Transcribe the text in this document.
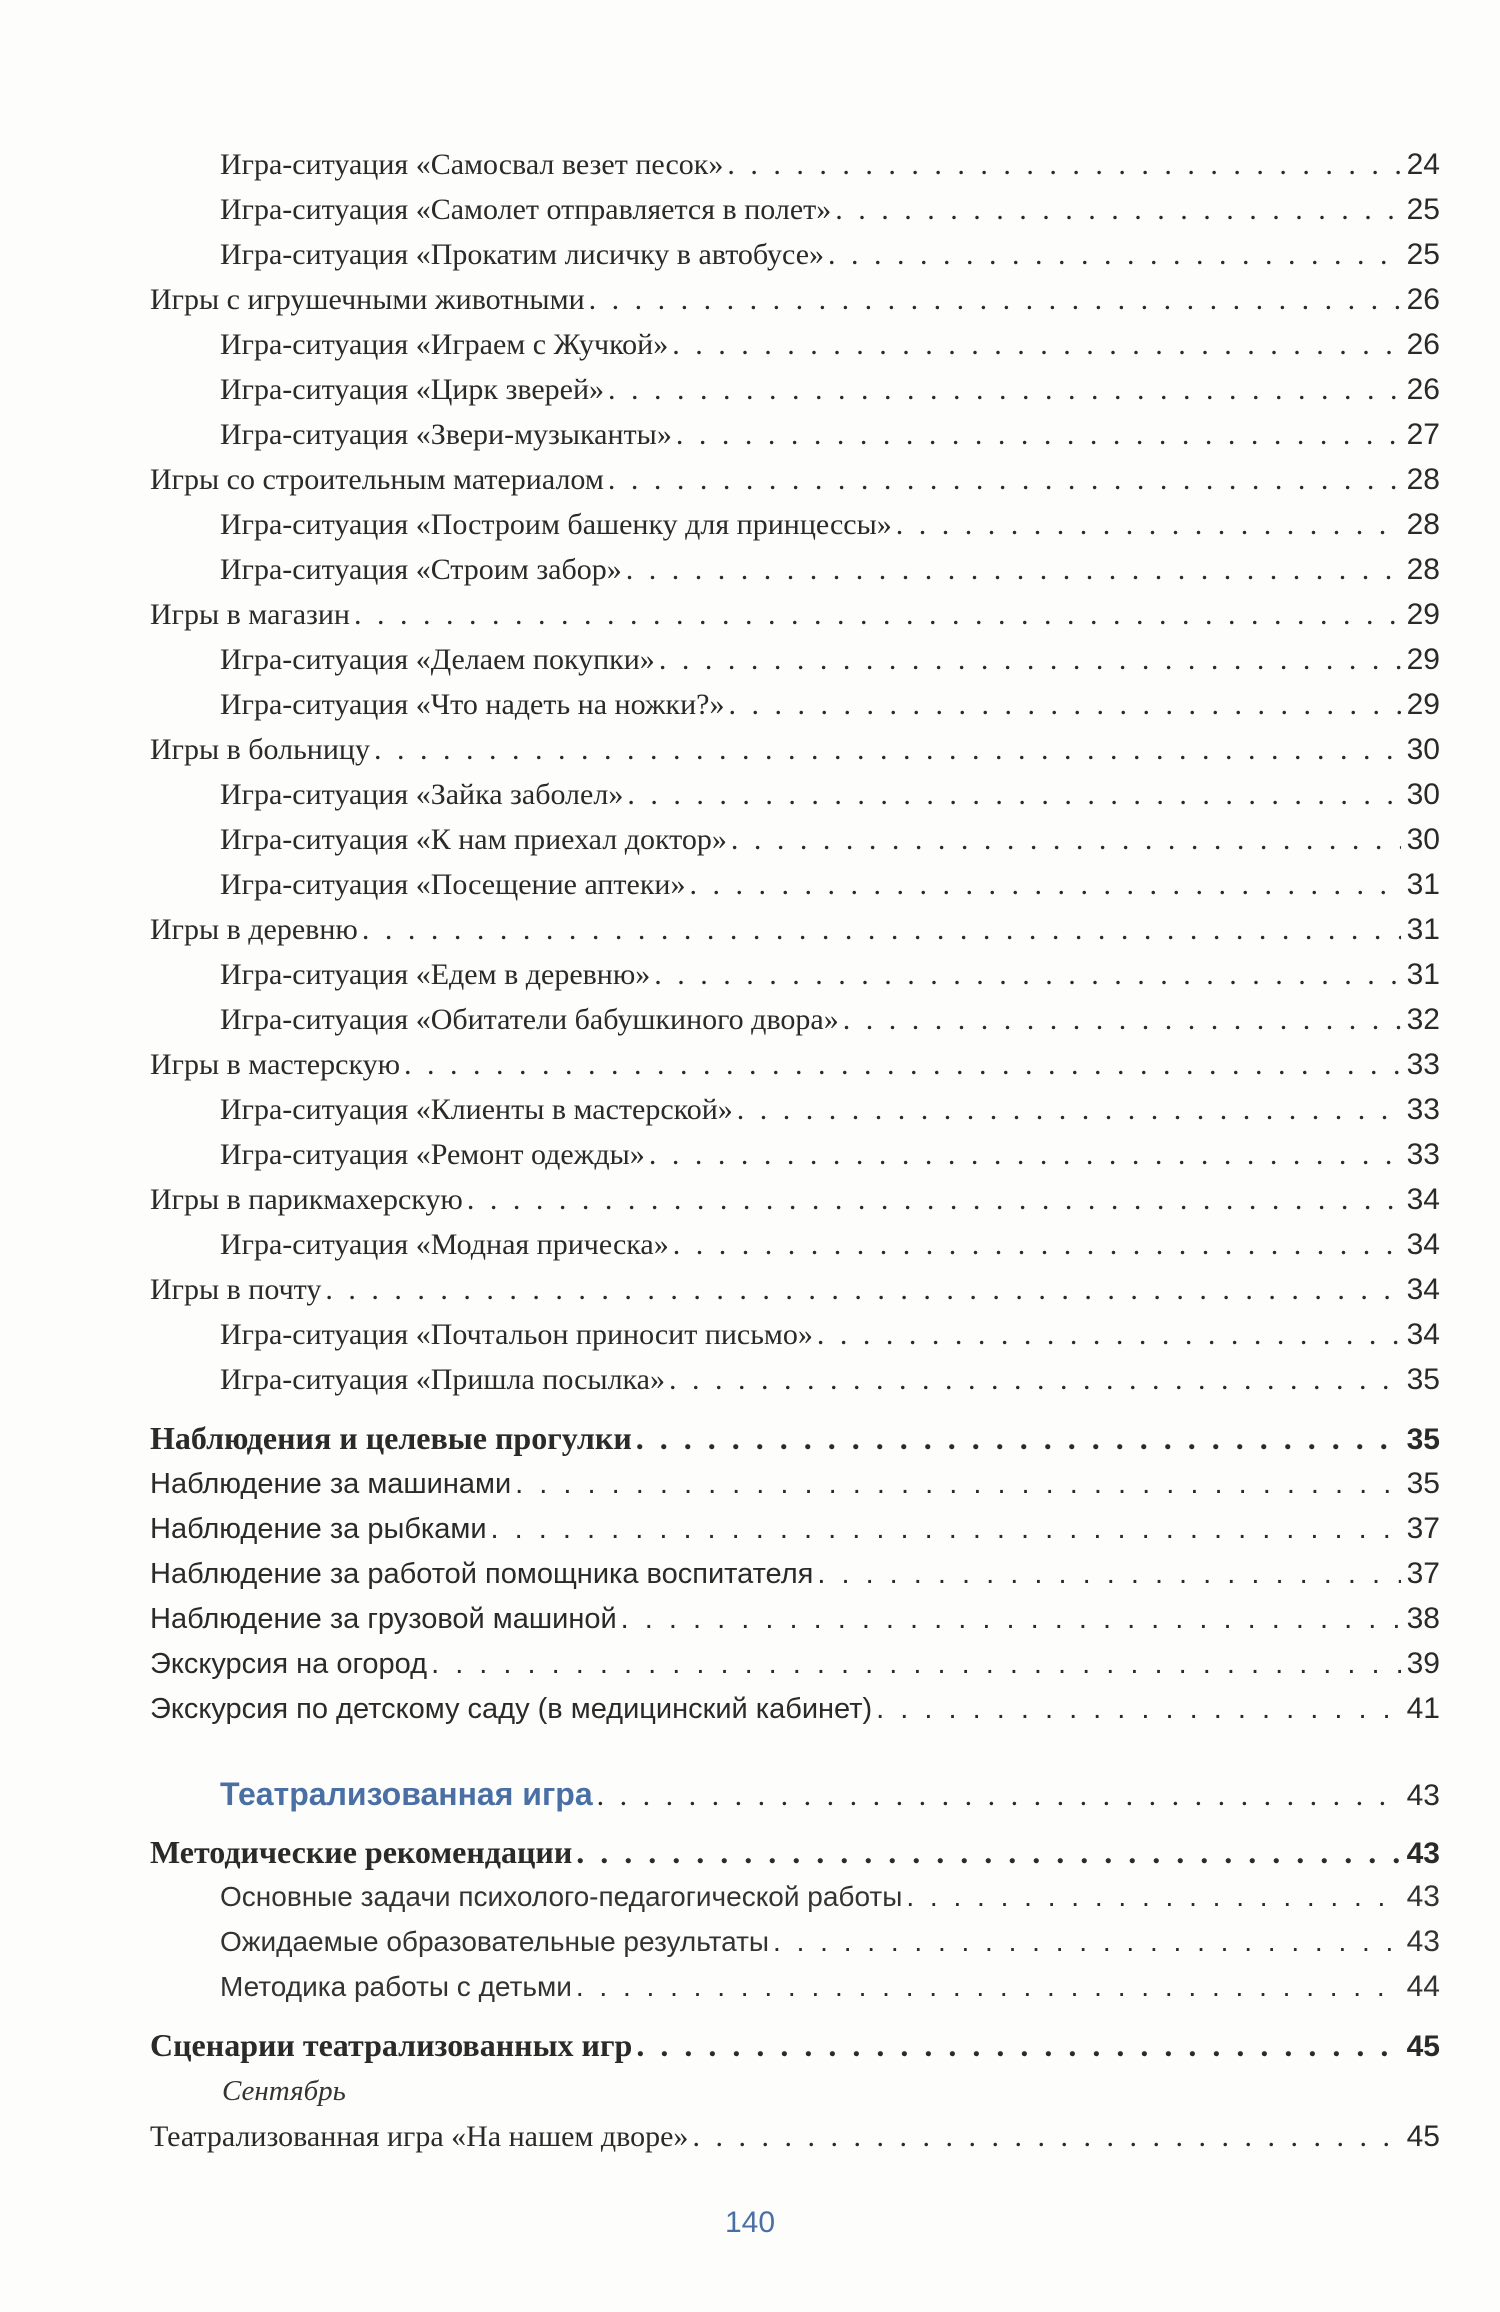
Игра-ситуация «Самосвал везет песок» . . .	24
Игра-ситуация «Самолет отправляется в полет» . . .	25
Игра-ситуация «Прокатим лисичку в автобусе» . . .	25
Игры с игрушечными животными . . .	26
Игра-ситуация «Играем с Жучкой» . . .	26
Игра-ситуация «Цирк зверей» . . .	26
Игра-ситуация «Звери-музыканты» . . .	27
Игры со строительным материалом . . .	28
Игра-ситуация «Построим башенку для принцессы» . . .	28
Игра-ситуация «Строим забор» . . .	28
Игры в магазин . . .	29
Игра-ситуация «Делаем покупки» . . .	29
Игра-ситуация «Что надеть на ножки?» . . .	29
Игры в больницу . . .	30
Игра-ситуация «Зайка заболел» . . .	30
Игра-ситуация «К нам приехал доктор» . . .	30
Игра-ситуация «Посещение аптеки» . . .	31
Игры в деревню . . .	31
Игра-ситуация «Едем в деревню» . . .	31
Игра-ситуация «Обитатели бабушкиного двора» . . .	32
Игры в мастерскую . . .	33
Игра-ситуация «Клиенты в мастерской» . . .	33
Игра-ситуация «Ремонт одежды» . . .	33
Игры в парикмахерскую . . .	34
Игра-ситуация «Модная прическа» . . .	34
Игры в почту . . .	34
Игра-ситуация «Почтальон приносит письмо» . . .	34
Игра-ситуация «Пришла посылка» . . .	35
Наблюдения и целевые прогулки . . .	35
Наблюдение за машинами . . .	35
Наблюдение за рыбками . . .	37
Наблюдение за работой помощника воспитателя . . .	37
Наблюдение за грузовой машиной . . .	38
Экскурсия на огород . . .	39
Экскурсия по детскому саду (в медицинский кабинет) . . .	41
Театрализованная игра . . .	43
Методические рекомендации . . .	43
Основные задачи психолого-педагогической работы . . .	43
Ожидаемые образовательные результаты . . .	43
Методика работы с детьми . . .	44
Сценарии театрализованных игр . . .	45
Сентябрь
Театрализованная игра «На нашем дворе» . . .	45
140
